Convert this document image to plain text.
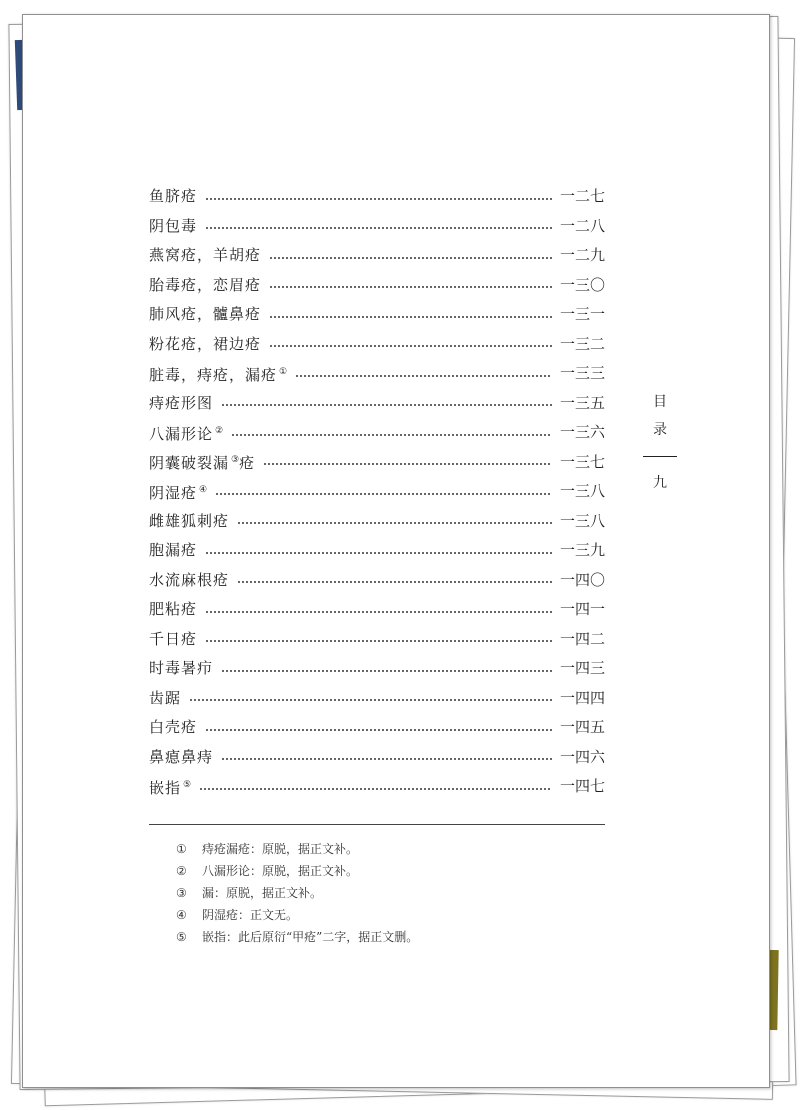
鱼脐疮	一二七
阴包毒	一二八
燕窝疮，羊胡疮	一二九
胎毒疮，恋眉疮	一三〇
肺风疮，髗鼻疮	一三一
粉花疮，裙边疮	一三二
脏毒，痔疮，漏疮 ①	一三三
痔疮形图	一三五
八漏形论 ②	一三六
阴囊破裂漏 ③疮	一三七
阴湿疮 ④	一三八
雌雄狐刺疮	一三八
胞漏疮	一三九
水流麻根疮	一四〇
肥粘疮	一四一
千日疮	一四二
时毒暑疖	一四三
齿踞	一四四
白壳疮	一四五
鼻瘜鼻痔	一四六
嵌指 ⑤	一四七
目
录
九
① 痔疮漏疮：原脱，据正文补。
② 八漏形论：原脱，据正文补。
③ 漏：原脱，据正文补。
④ 阴湿疮：正文无。
⑤ 嵌指：此后原衍“甲疮”二字，据正文删。
